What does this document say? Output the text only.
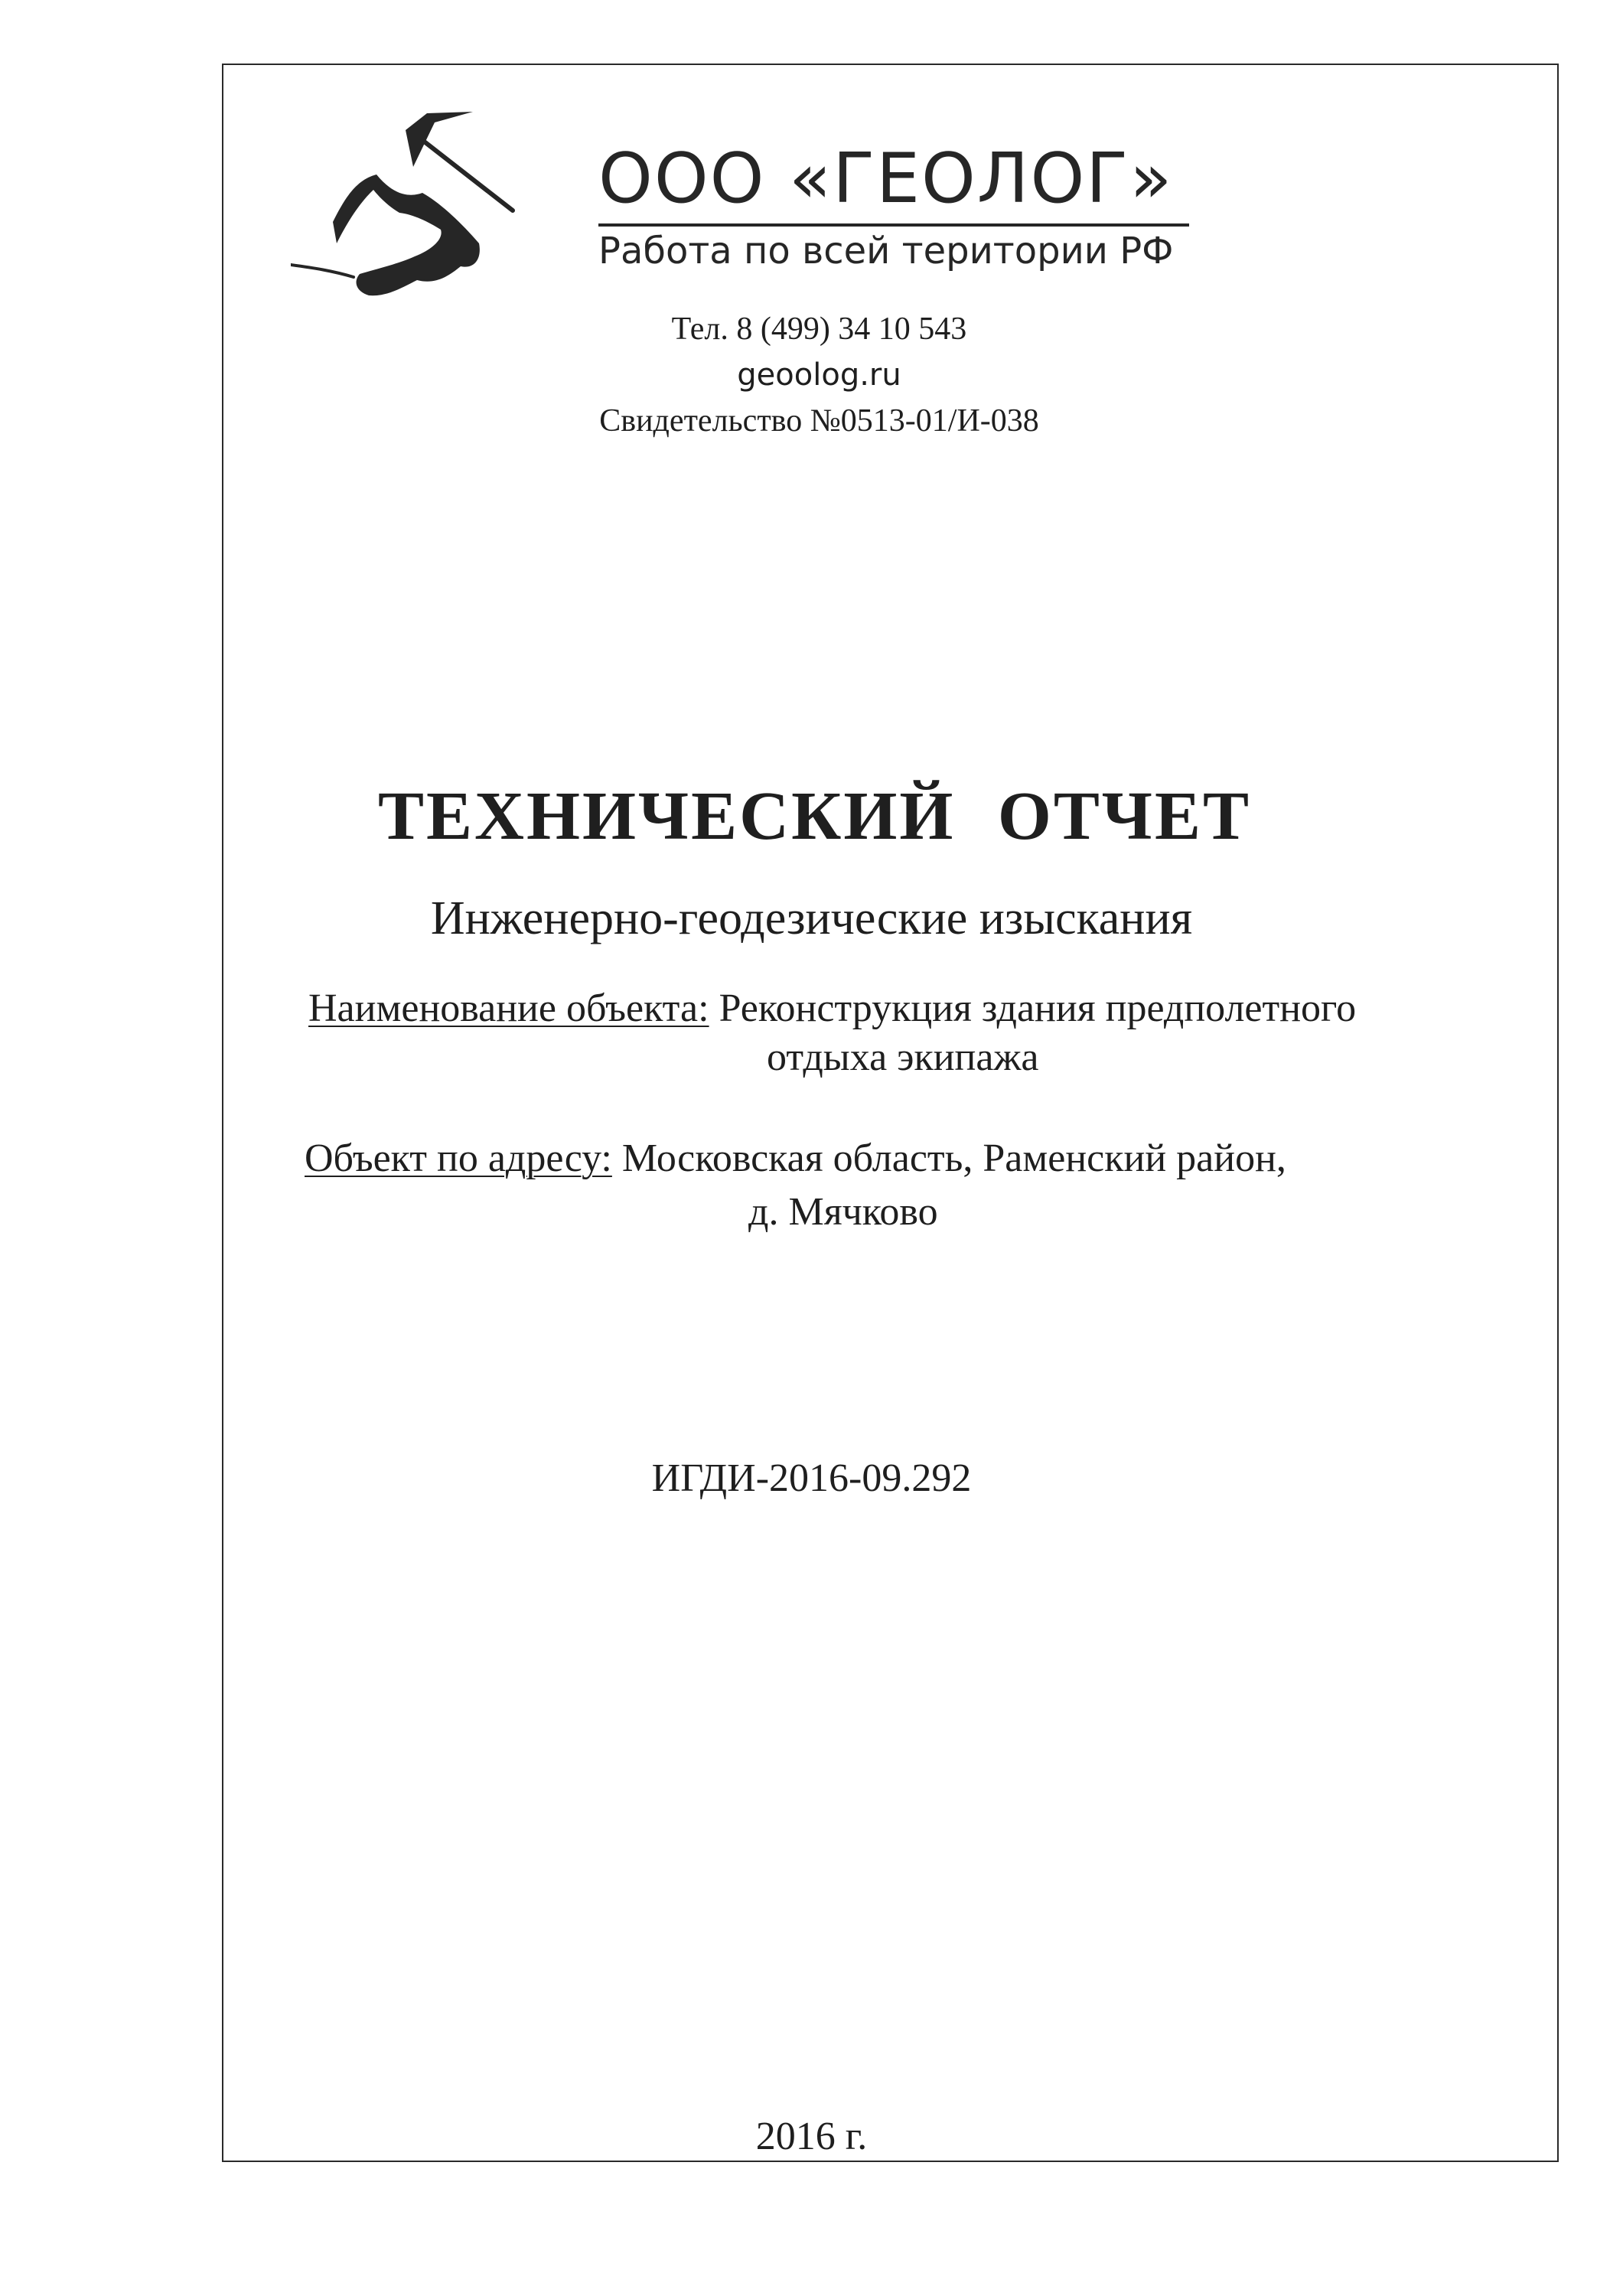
ООО «ГЕОЛОГ»
Работа по всей територии РФ
Тел. 8 (499) 34 10 543
geoolog.ru
Свидетельство №0513-01/И-038
ТЕХНИЧЕСКИЙ ОТЧЕТ
Инженерно-геодезические изыскания
Наименование объекта: Реконструкция здания предполетного
отдыха экипажа
Объект по адресу: Московская область, Раменский район,
д. Мячково
ИГДИ-2016-09.292
2016 г.
